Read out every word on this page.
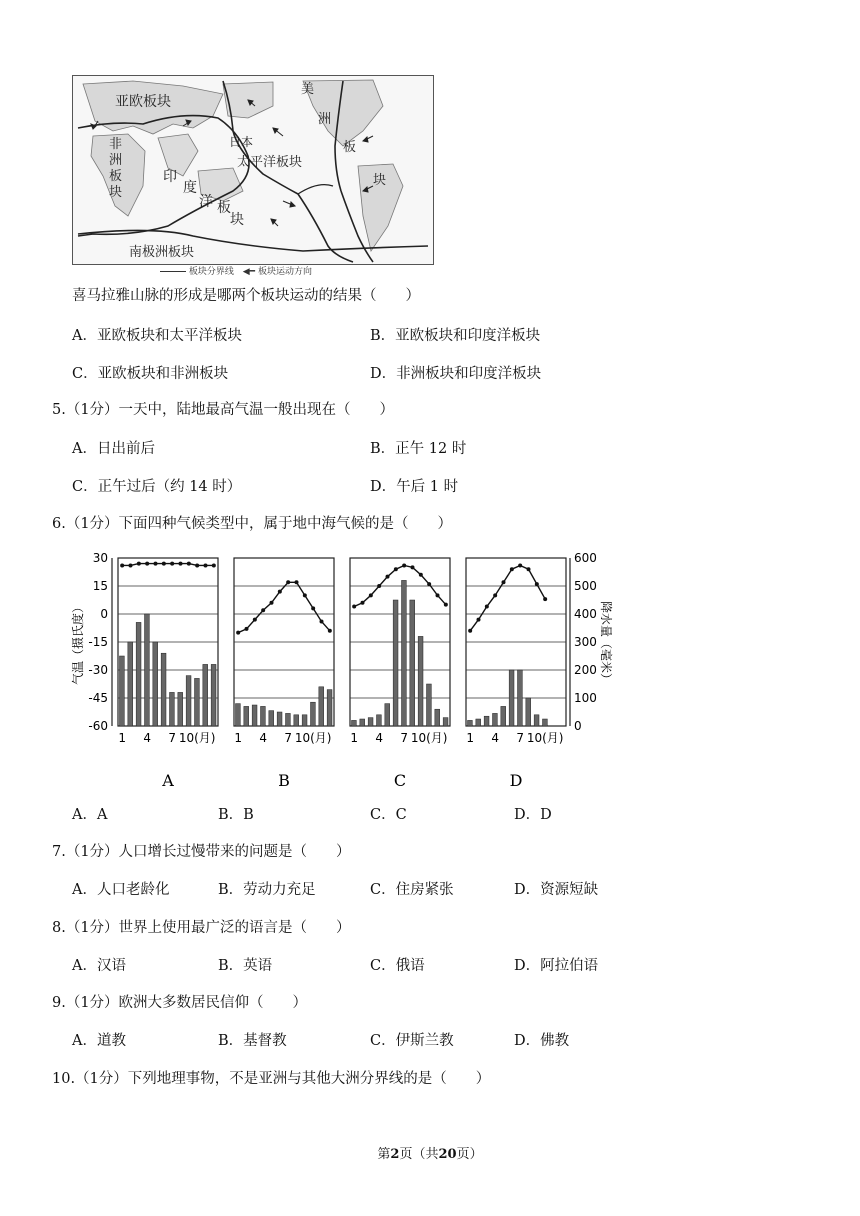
亚欧板块
美
洲
板
块
日本
太平洋板块
非
洲
板
块
印
度
洋 板
块
南极洲板块
板块分界线 ◀━ 板块运动方向
喜马拉雅山脉的形成是哪两个板块运动的结果（　　）
A．亚欧板块和太平洋板块	B．亚欧板块和印度洋板块
C．亚欧板块和非洲板块	D．非洲板块和印度洋板块
5.（1分）一天中，陆地最高气温一般出现在（　　）
A．日出前后	B．正午 12 时
C．正午过后（约 14 时）	D．午后 1 时
6.（1分）下面四种气候类型中，属于地中海气候的是（　　）
30
15
0
-15
-30
-45
-60
气温（摄氏度）
600
500
400
300
200
100
0
降水量（毫米）
1 4 7 10(月)
A
1 4 7 10(月)
B
1 4 7 10(月)
C
1 4 7 10(月)
D
A．A	B．B	C．C	D．D
7.（1分）人口增长过慢带来的问题是（　　）
A．人口老龄化	B．劳动力充足	C．住房紧张	D．资源短缺
8.（1分）世界上使用最广泛的语言是（　　）
A．汉语	B．英语	C．俄语	D．阿拉伯语
9.（1分）欧洲大多数居民信仰（　　）
A．道教	B．基督教	C．伊斯兰教	D．佛教
10.（1分）下列地理事物，不是亚洲与其他大洲分界线的是（　　）
第2页（共20页）
